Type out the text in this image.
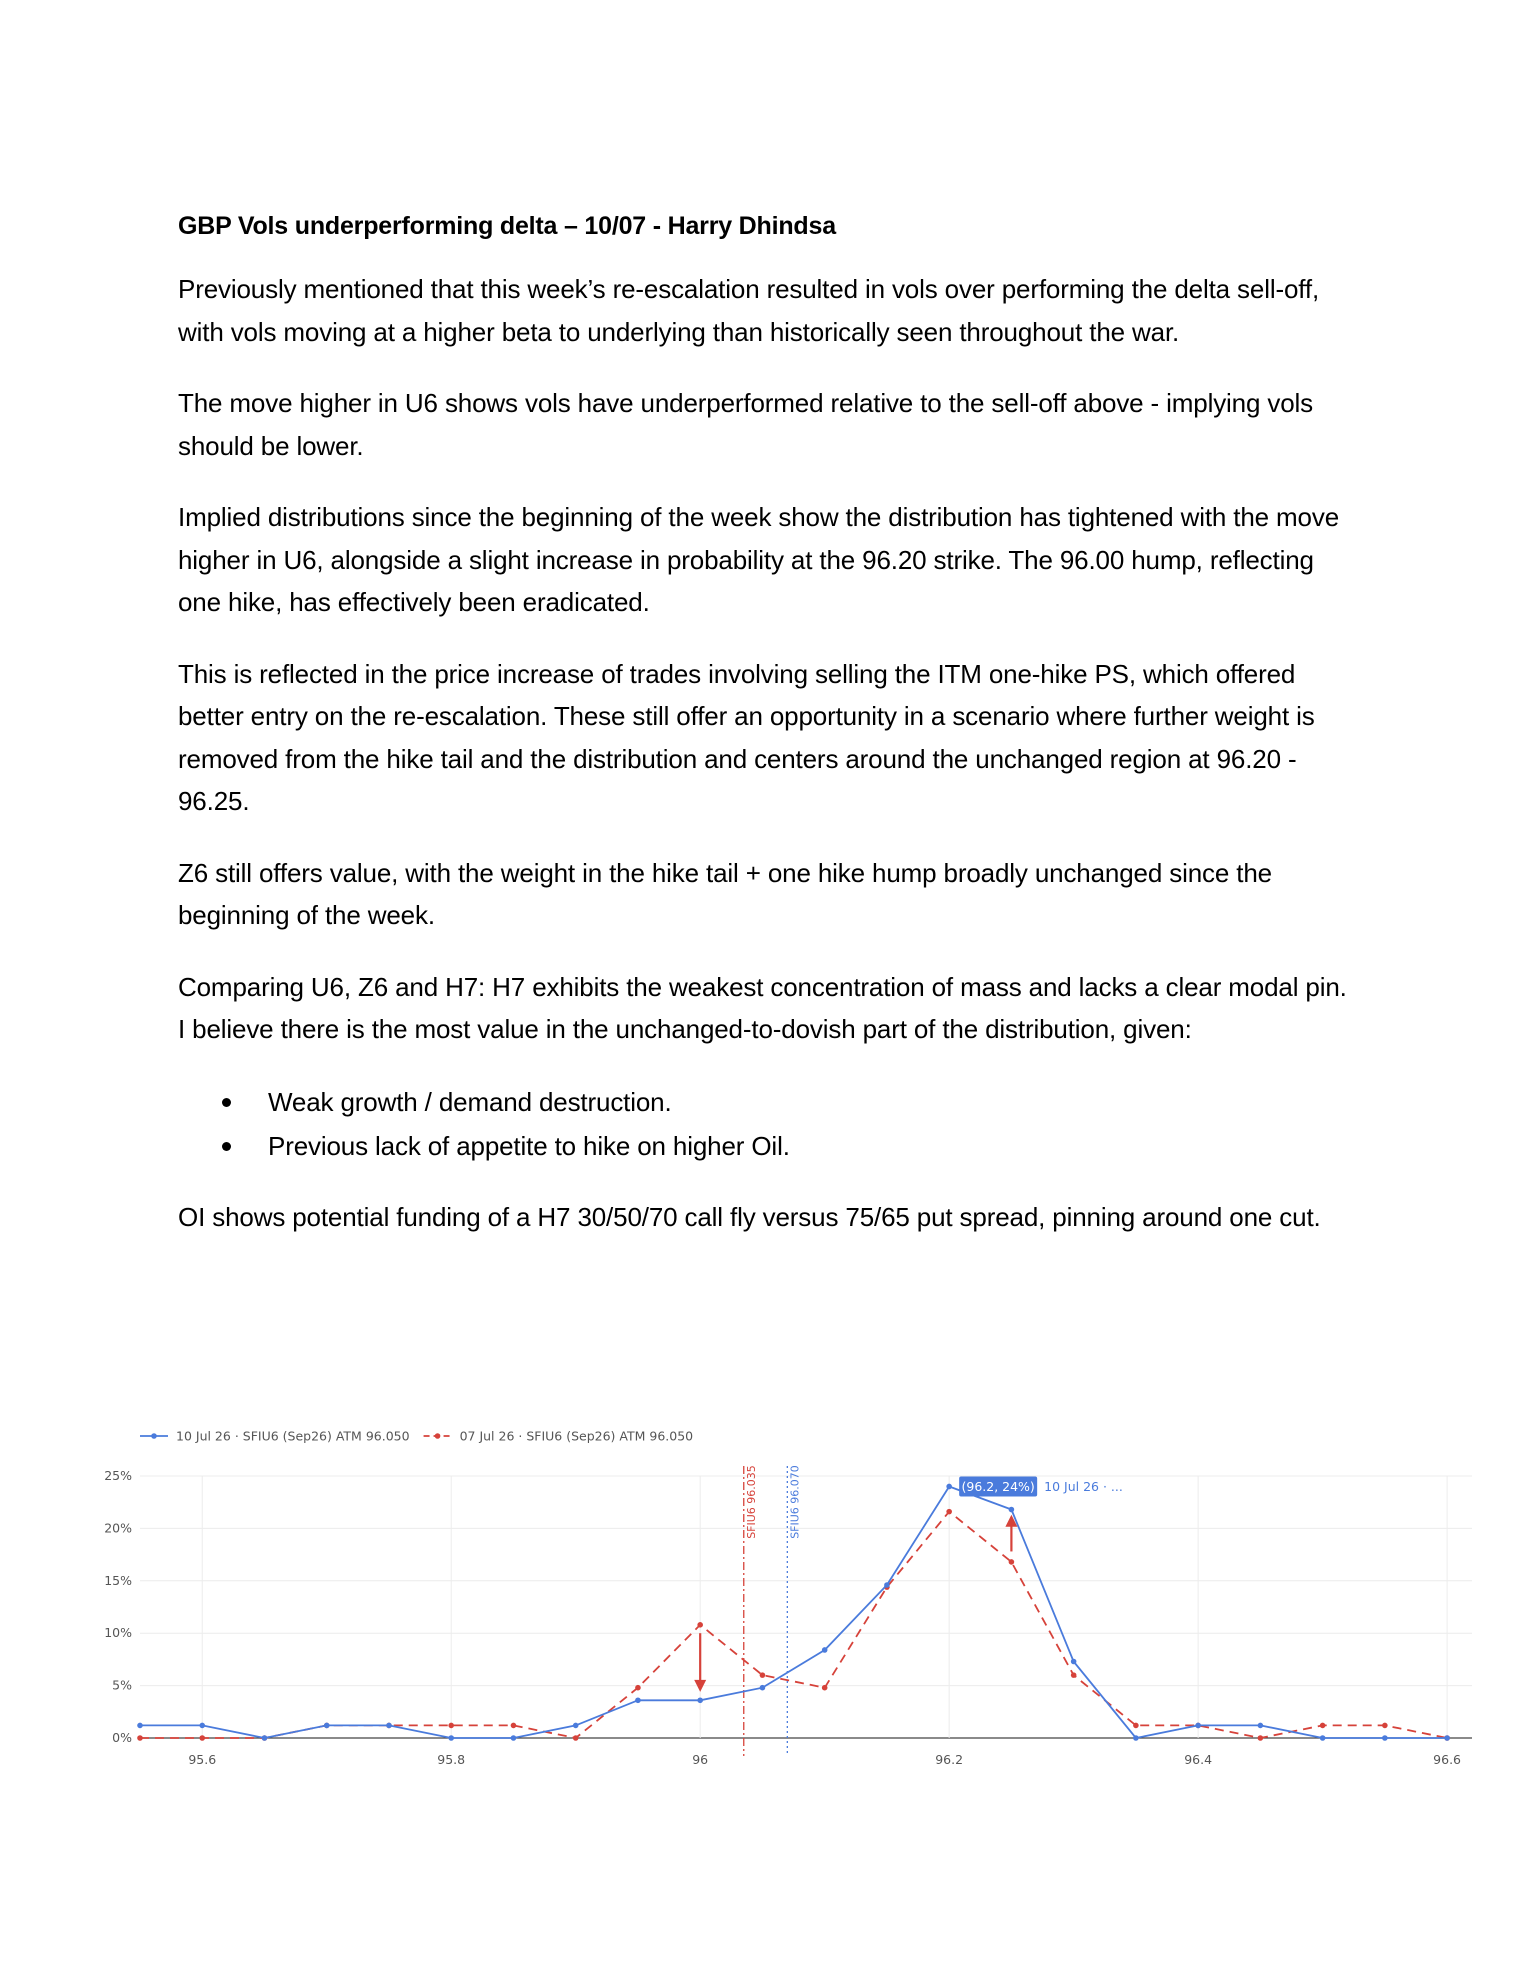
GBP Vols underperforming delta – 10/07 - Harry Dhindsa

Previously mentioned that this week’s re-escalation resulted in vols over performing the delta sell-off, with vols moving at a higher beta to underlying than historically seen throughout the war.

The move higher in U6 shows vols have underperformed relative to the sell-off above - implying vols should be lower.

Implied distributions since the beginning of the week show the distribution has tightened with the move higher in U6, alongside a slight increase in probability at the 96.20 strike. The 96.00 hump, reflecting one hike, has effectively been eradicated.

This is reflected in the price increase of trades involving selling the ITM one-hike PS, which offered better entry on the re-escalation. These still offer an opportunity in a scenario where further weight is removed from the hike tail and the distribution and centers around the unchanged region at 96.20 - 96.25.

Z6 still offers value, with the weight in the hike tail + one hike hump broadly unchanged since the beginning of the week.

Comparing U6, Z6 and H7: H7 exhibits the weakest concentration of mass and lacks a clear modal pin. I believe there is the most value in the unchanged-to-dovish part of the distribution, given:

Weak growth / demand destruction.
Previous lack of appetite to hike on higher Oil.

OI shows potential funding of a H7 30/50/70 call fly versus 75/65 put spread, pinning around one cut.

0%
5%
10%
15%
20%
25%
95.6	95.8	96	96.2	96.4	96.6
SFIU6 96.035	SFIU6 96.070	(96.2, 24%) 10 Jul 26 · ...
10 Jul 26 · SFIU6 (Sep26) ATM 96.050	07 Jul 26 · SFIU6 (Sep26) ATM 96.050
